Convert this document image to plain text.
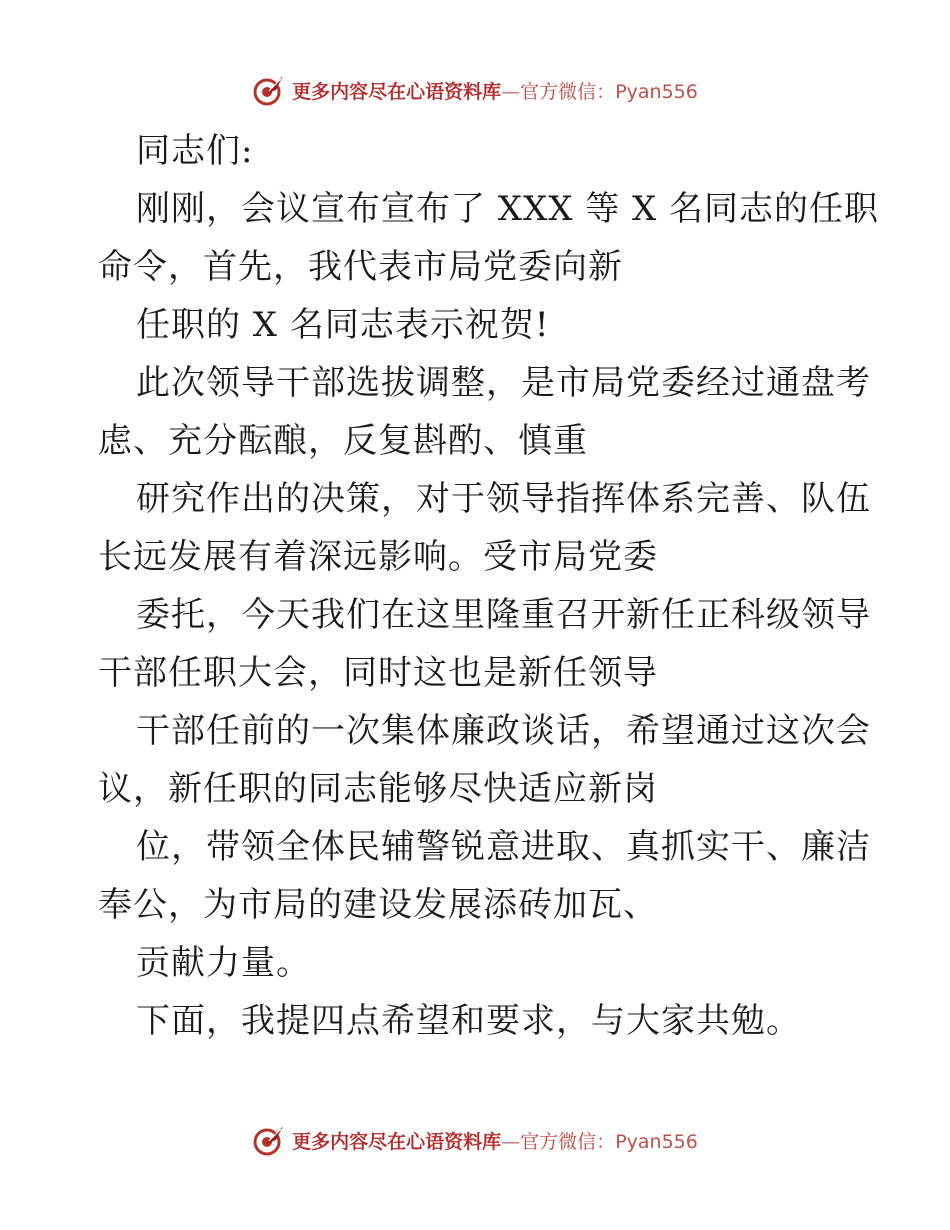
更多内容尽在心语资料库—官方微信：Pyan556

同志们:

刚刚，会议宣布宣布了 XXX 等 X 名同志的任职

命令，首先，我代表市局党委向新

任职的 X 名同志表示祝贺!

此次领导干部选拔调整，是市局党委经过通盘考

虑、充分酝酿，反复斟酌、慎重

研究作出的决策，对于领导指挥体系完善、队伍

长远发展有着深远影响。受市局党委

委托，今天我们在这里隆重召开新任正科级领导

干部任职大会，同时这也是新任领导

干部任前的一次集体廉政谈话，希望通过这次会

议，新任职的同志能够尽快适应新岗

位，带领全体民辅警锐意进取、真抓实干、廉洁

奉公，为市局的建设发展添砖加瓦、

贡献力量。

下面，我提四点希望和要求，与大家共勉。

更多内容尽在心语资料库—官方微信：Pyan556
